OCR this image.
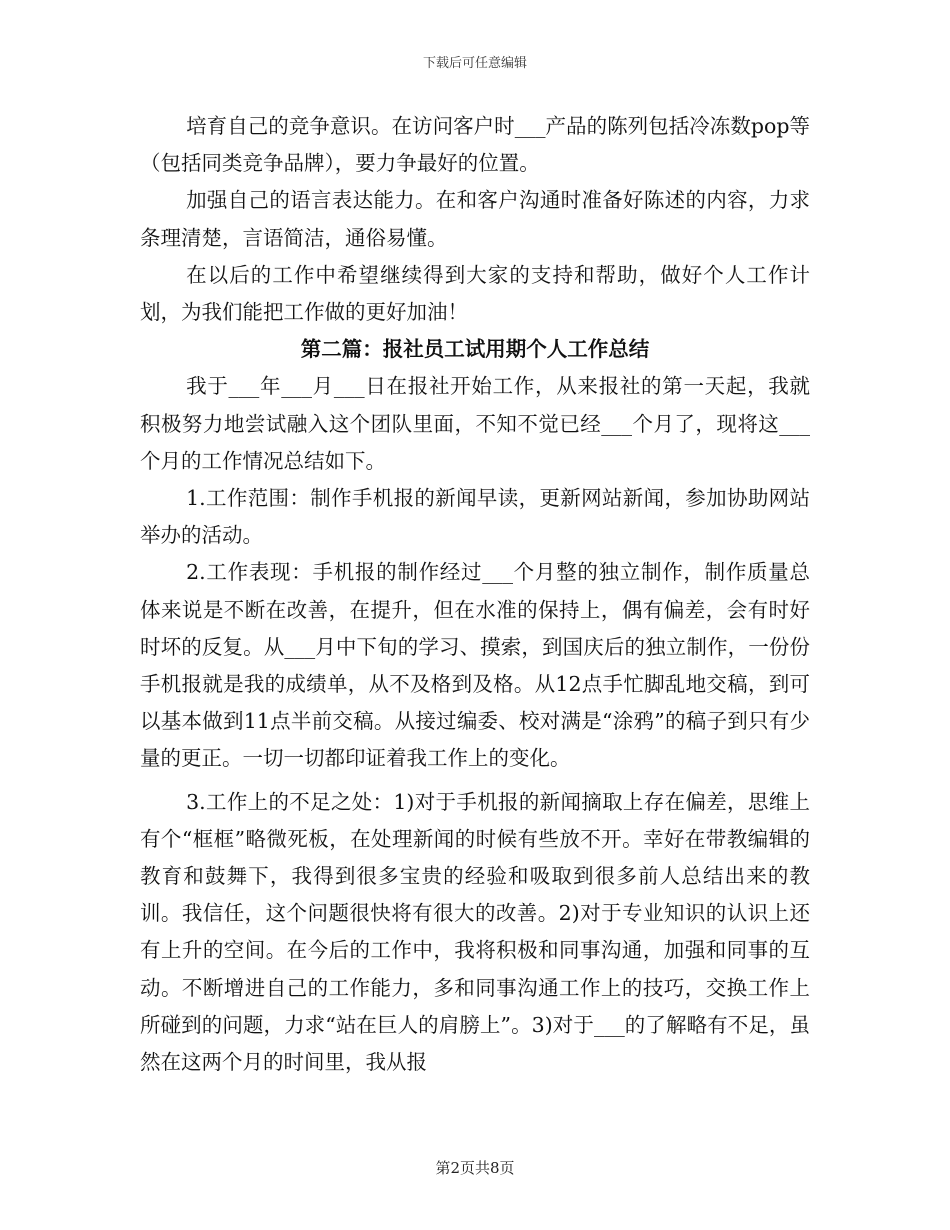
下载后可任意编辑

培育自己的竞争意识。在访问客户时___产品的陈列包括冷冻数pop等（包括同类竞争品牌），要力争最好的位置。

加强自己的语言表达能力。在和客户沟通时准备好陈述的内容，力求条理清楚，言语简洁，通俗易懂。

在以后的工作中希望继续得到大家的支持和帮助，做好个人工作计划，为我们能把工作做的更好加油！

第二篇：报社员工试用期个人工作总结

我于___年___月___日在报社开始工作，从来报社的第一天起，我就积极努力地尝试融入这个团队里面，不知不觉已经___个月了，现将这___个月的工作情况总结如下。

1.工作范围：制作手机报的新闻早读，更新网站新闻，参加协助网站举办的活动。

2.工作表现：手机报的制作经过___个月整的独立制作，制作质量总体来说是不断在改善，在提升，但在水准的保持上，偶有偏差，会有时好时坏的反复。从___月中下旬的学习、摸索，到国庆后的独立制作，一份份手机报就是我的成绩单，从不及格到及格。从12点手忙脚乱地交稿，到可以基本做到11点半前交稿。从接过编委、校对满是“涂鸦”的稿子到只有少量的更正。一切一切都印证着我工作上的变化。

3.工作上的不足之处：1)对于手机报的新闻摘取上存在偏差，思维上有个“框框”略微死板，在处理新闻的时候有些放不开。幸好在带教编辑的教育和鼓舞下，我得到很多宝贵的经验和吸取到很多前人总结出来的教训。我信任，这个问题很快将有很大的改善。2)对于专业知识的认识上还有上升的空间。在今后的工作中，我将积极和同事沟通，加强和同事的互动。不断增进自己的工作能力，多和同事沟通工作上的技巧，交换工作上所碰到的问题，力求“站在巨人的肩膀上”。3)对于___的了解略有不足，虽然在这两个月的时间里，我从报

第2页共8页
